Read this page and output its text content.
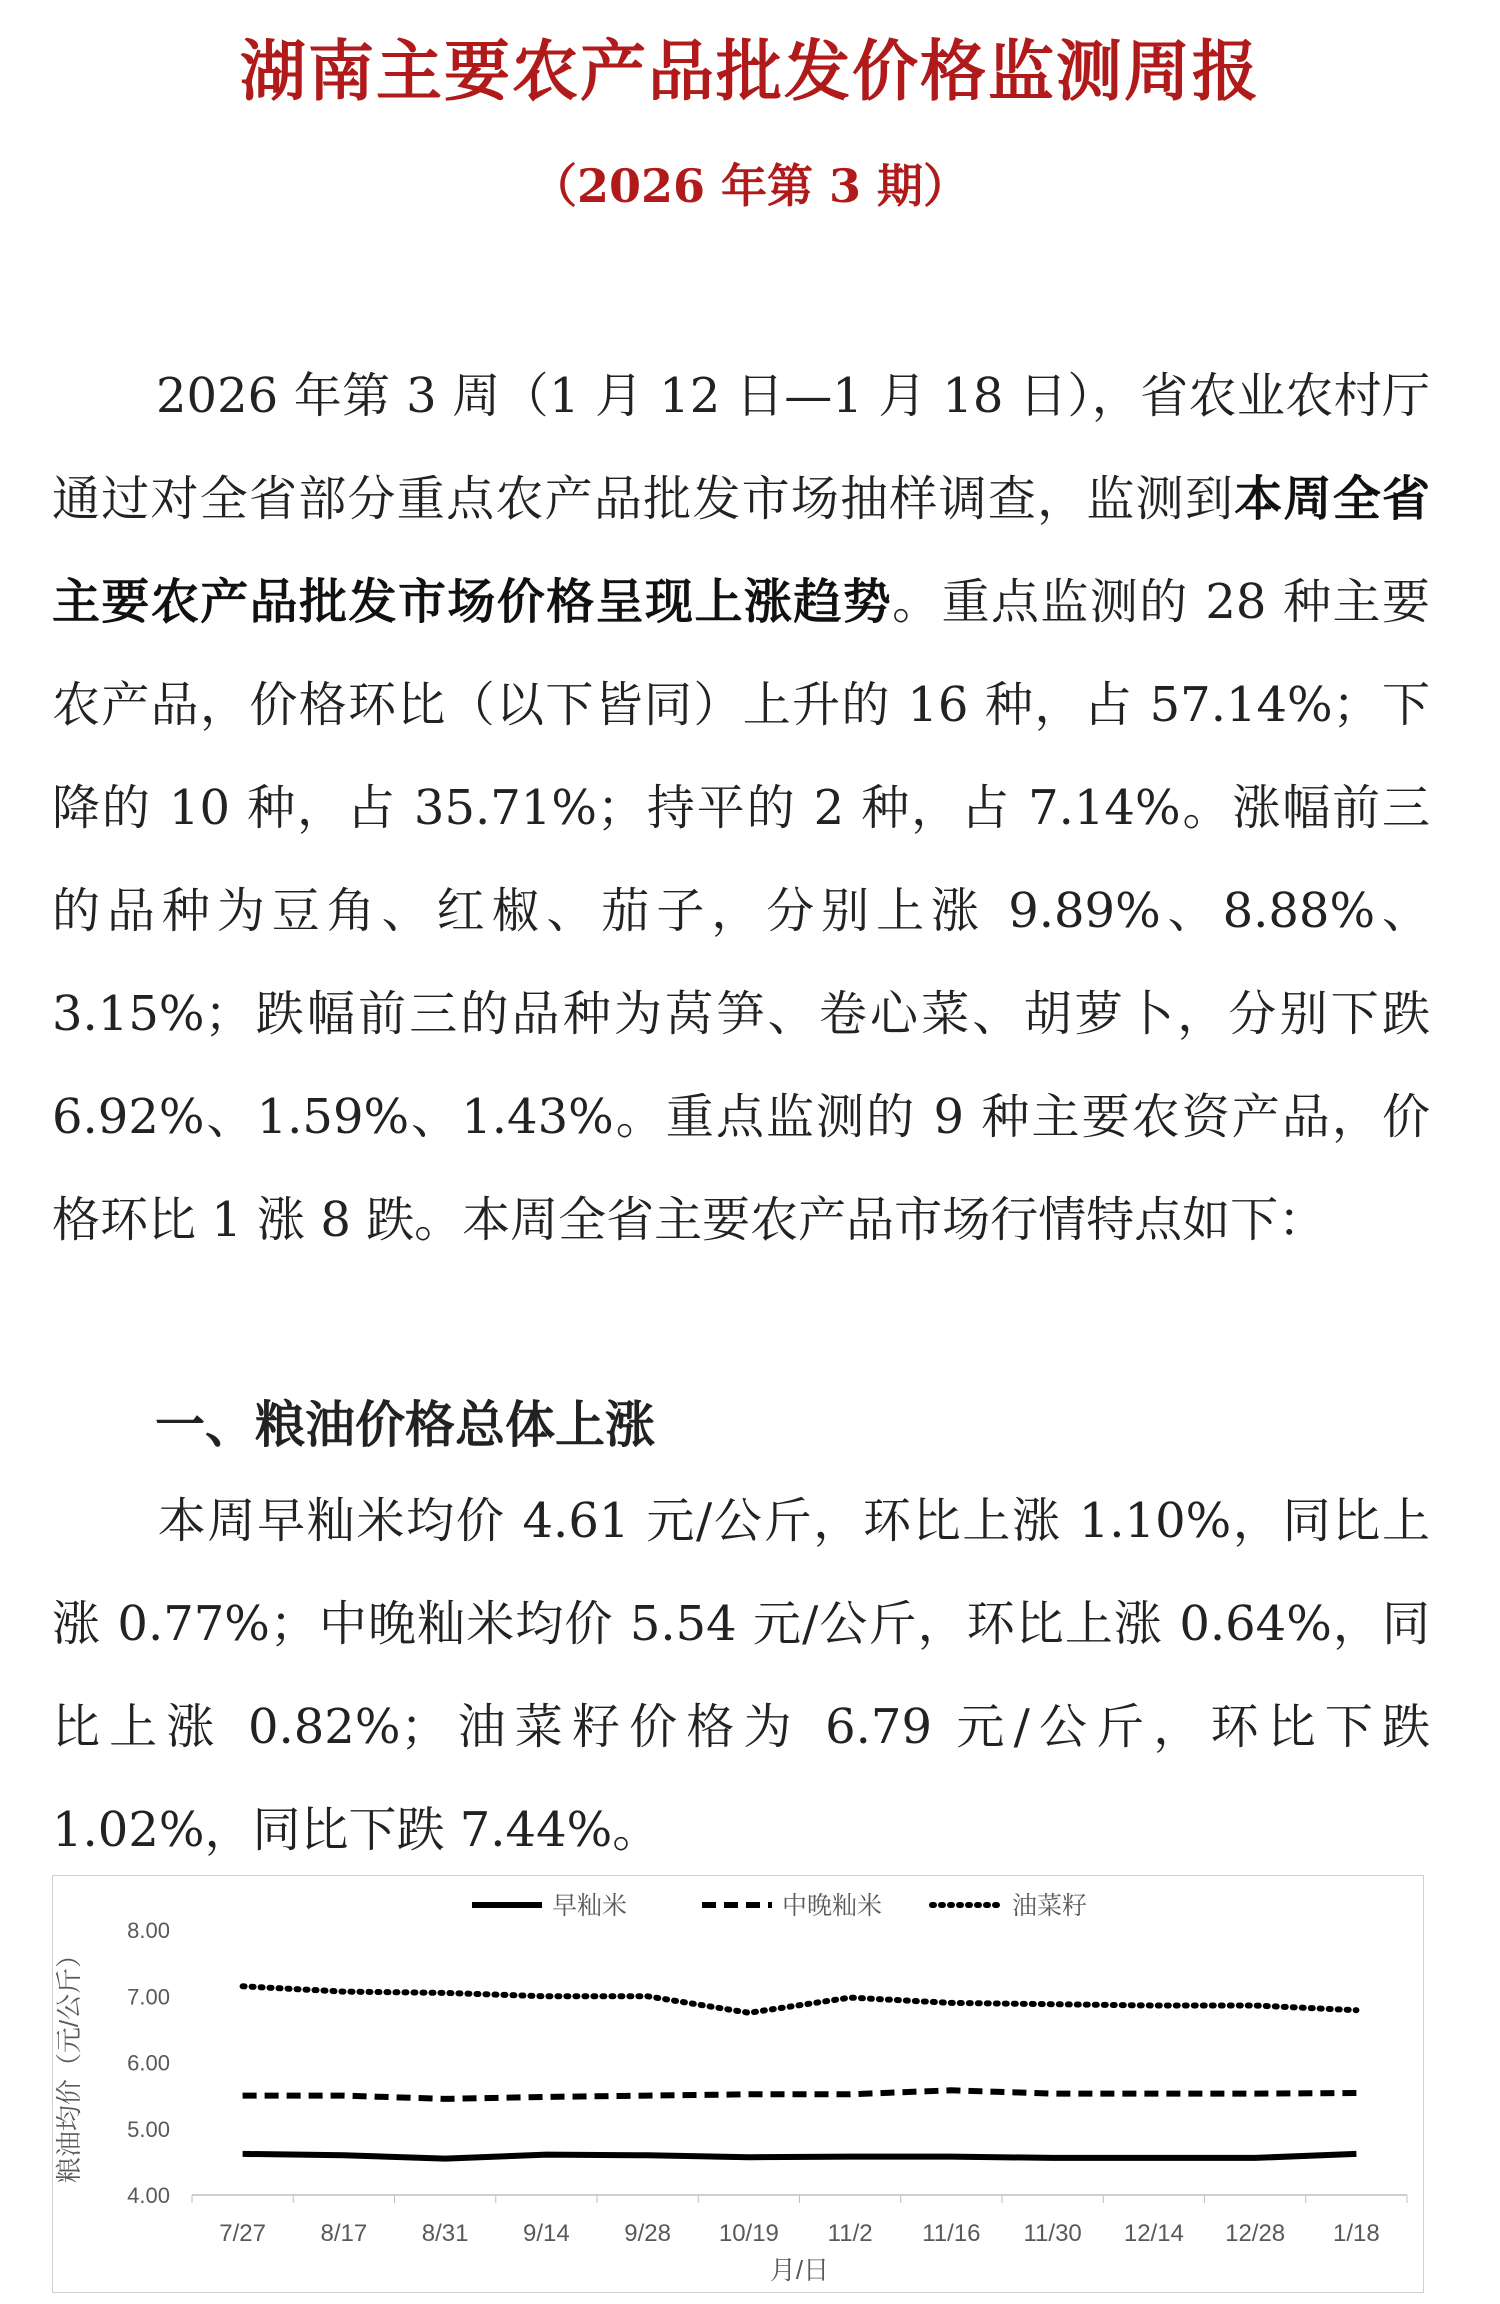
湖南主要农产品批发价格监测周报
（2026 年第 3 期）

2026 年第 3 周（1 月 12 日—1 月 18 日），省农业农村厅通过对全省部分重点农产品批发市场抽样调查，监测到本周全省主要农产品批发市场价格呈现上涨趋势。重点监测的 28 种主要农产品，价格环比（以下皆同）上升的 16 种，占 57.14%；下降的 10 种，占 35.71%；持平的 2 种，占 7.14%。涨幅前三的品种为豆角、红椒、茄子，分别上涨 9.89%、8.88%、3.15%；跌幅前三的品种为莴笋、卷心菜、胡萝卜，分别下跌 6.92%、1.59%、1.43%。重点监测的 9 种主要农资产品，价格环比 1 涨 8 跌。本周全省主要农产品市场行情特点如下：

一、粮油价格总体上涨

本周早籼米均价 4.61 元/公斤，环比上涨 1.10%，同比上涨 0.77%；中晚籼米均价 5.54 元/公斤，环比上涨 0.64%，同比上涨 0.82%；油菜籽价格为 6.79 元/公斤，环比下跌 1.02%，同比下跌 7.44%。

4.00
5.00
6.00
7.00
8.00
7/27 8/17 8/31 9/14 9/28 10/19 11/2 11/16 11/30 12/14 12/28 1/18
月/日
粮油均价（元/公斤）
早籼米	中晚籼米	油菜籽
